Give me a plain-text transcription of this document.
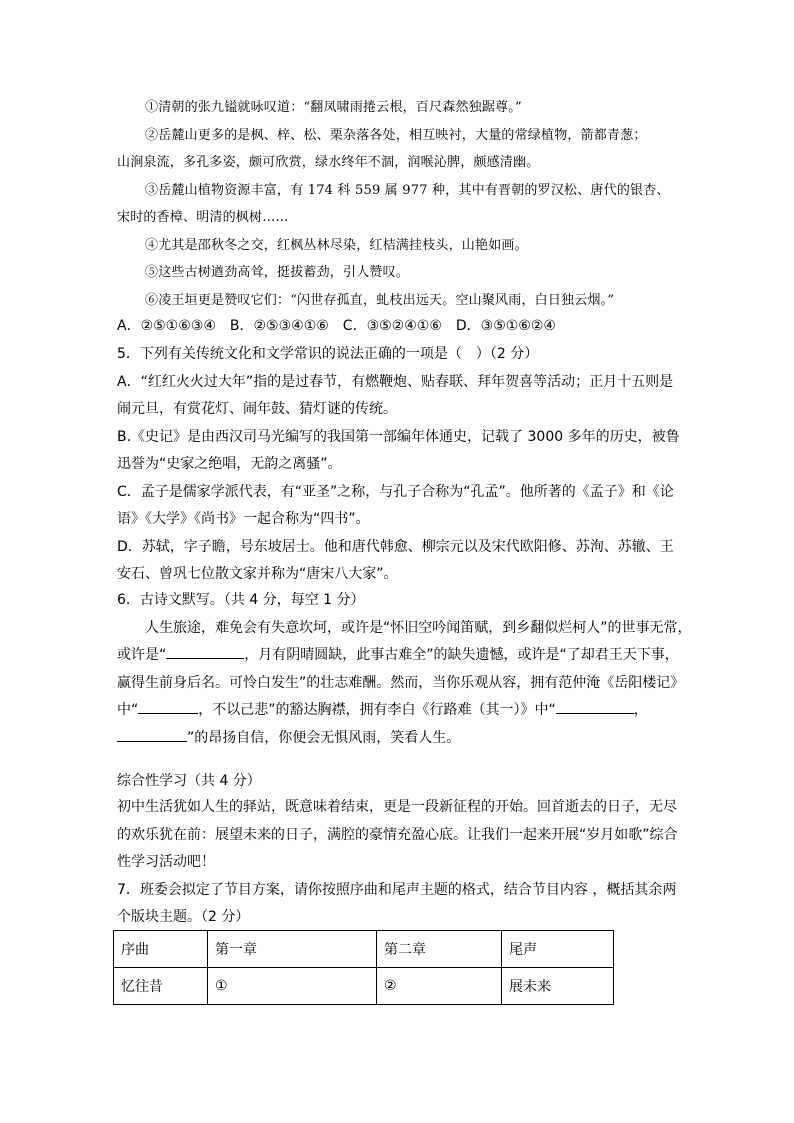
①清朝的张九镒就咏叹道：“翻凤啸雨捲云根，百尺森然独踞尊。”
②岳麓山更多的是枫、梓、松、栗杂落各处，相互映衬，大量的常绿植物，箭都青葱；
山涧泉流，多孔多姿，颇可欣赏，绿水终年不涸，润喉沁脾，颇感清幽。
③岳麓山植物资源丰富，有 174 科 559 属 977 种，其中有晋朝的罗汉松、唐代的银杏、
宋时的香樟、明清的枫树……
④尤其是邵秋冬之交，红枫丛林尽染，红桔满挂枝头，山艳如画。
⑤这些古树遒劲高耸，挺拔蓄劲，引人赞叹。
⑥凌王垣更是赞叹它们：“闪世存孤直，虬枝出远天。空山聚风雨，白日独云烟。”
A．②⑤①⑥③④　B．②⑤③④①⑥　C．③⑤②④①⑥　D．③⑤①⑥②④
5．下列有关传统文化和文学常识的说法正确的一项是（　）（2 分）
A．“红红火火过大年”指的是过春节，有燃鞭炮、贴春联、拜年贺喜等活动；正月十五则是
闹元旦，有赏花灯、闹年鼓、猜灯谜的传统。
B.《史记》是由西汉司马光编写的我国第一部编年体通史，记载了 3000 多年的历史，被鲁
迅誉为“史家之绝唱，无韵之离骚”。
C．孟子是儒家学派代表，有“亚圣”之称，与孔子合称为“孔孟”。他所著的《孟子》和《论
语》《大学》《尚书》一起合称为“四书”。
D．苏轼，字子瞻，号东坡居士。他和唐代韩愈、柳宗元以及宋代欧阳修、苏洵、苏辙、王
安石、曾巩七位散文家并称为“唐宋八大家”。
6．古诗文默写。（共 4 分，每空 1 分）
人生旅途，难免会有失意坎坷，或许是“怀旧空吟闻笛赋，到乡翻似烂柯人”的世事无常，
或许是“	，月有阴晴圆缺，此事古难全”的缺失遗憾，或许是“了却君王天下事，
赢得生前身后名。可怜白发生”的壮志难酬。然而，当你乐观从容，拥有范仲淹《岳阳楼记》
中“	，不以己悲”的豁达胸襟，拥有李白《行路难（其一）》中“	，
”的昂扬自信，你便会无惧风雨，笑看人生。
综合性学习（共 4 分）
初中生活犹如人生的驿站，既意味着结束，更是一段新征程的开始。回首逝去的日子，无尽
的欢乐犹在前：展望未来的日子，满腔的豪情充盈心底。让我们一起来开展“岁月如歌”综合
性学习活动吧！
7．班委会拟定了节目方案，请你按照序曲和尾声主题的格式，结合节目内容 ，概括其余两
个版块主题。（2 分）
序曲	第一章	第二章	尾声
忆往昔	①	②	展未来
